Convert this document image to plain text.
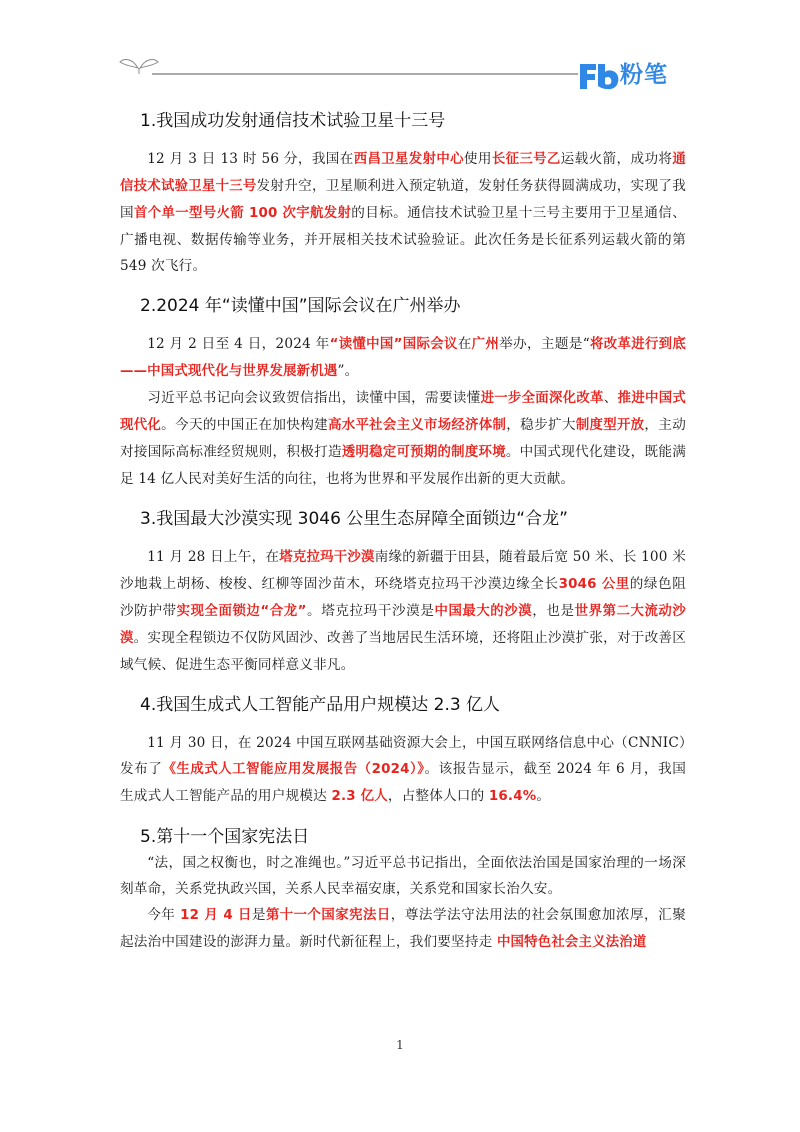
粉笔
1.我国成功发射通信技术试验卫星十三号

12 月 3 日 13 时 56 分，我国在西昌卫星发射中心使用长征三号乙运载火箭，成功将通信技术试验卫星十三号发射升空，卫星顺利进入预定轨道，发射任务获得圆满成功，实现了我国首个单一型号火箭 100 次宇航发射的目标。通信技术试验卫星十三号主要用于卫星通信、广播电视、数据传输等业务，并开展相关技术试验验证。此次任务是长征系列运载火箭的第 549 次飞行。

2.2024 年“读懂中国”国际会议在广州举办

12 月 2 日至 4 日，2024 年“读懂中国”国际会议在广州举办，主题是“将改革进行到底——中国式现代化与世界发展新机遇”。

习近平总书记向会议致贺信指出，读懂中国，需要读懂进一步全面深化改革、推进中国式现代化。今天的中国正在加快构建高水平社会主义市场经济体制，稳步扩大制度型开放，主动对接国际高标准经贸规则，积极打造透明稳定可预期的制度环境。中国式现代化建设，既能满足 14 亿人民对美好生活的向往，也将为世界和平发展作出新的更大贡献。

3.我国最大沙漠实现 3046 公里生态屏障全面锁边“合龙”

11 月 28 日上午，在塔克拉玛干沙漠南缘的新疆于田县，随着最后宽 50 米、长 100 米沙地栽上胡杨、梭梭、红柳等固沙苗木，环绕塔克拉玛干沙漠边缘全长3046 公里的绿色阻沙防护带实现全面锁边“合龙”。塔克拉玛干沙漠是中国最大的沙漠，也是世界第二大流动沙漠。实现全程锁边不仅防风固沙、改善了当地居民生活环境，还将阻止沙漠扩张，对于改善区域气候、促进生态平衡同样意义非凡。

4.我国生成式人工智能产品用户规模达 2.3 亿人

11 月 30 日，在 2024 中国互联网基础资源大会上，中国互联网络信息中心（CNNIC）发布了《生成式人工智能应用发展报告（2024）》。该报告显示，截至 2024 年 6 月，我国生成式人工智能产品的用户规模达 2.3 亿人，占整体人口的 16.4%。

5.第十一个国家宪法日

“法，国之权衡也，时之准绳也。”习近平总书记指出，全面依法治国是国家治理的一场深刻革命，关系党执政兴国，关系人民幸福安康，关系党和国家长治久安。

今年 12 月 4 日是第十一个国家宪法日，尊法学法守法用法的社会氛围愈加浓厚，汇聚起法治中国建设的澎湃力量。新时代新征程上，我们要坚持走 中国特色社会主义法治道

1
